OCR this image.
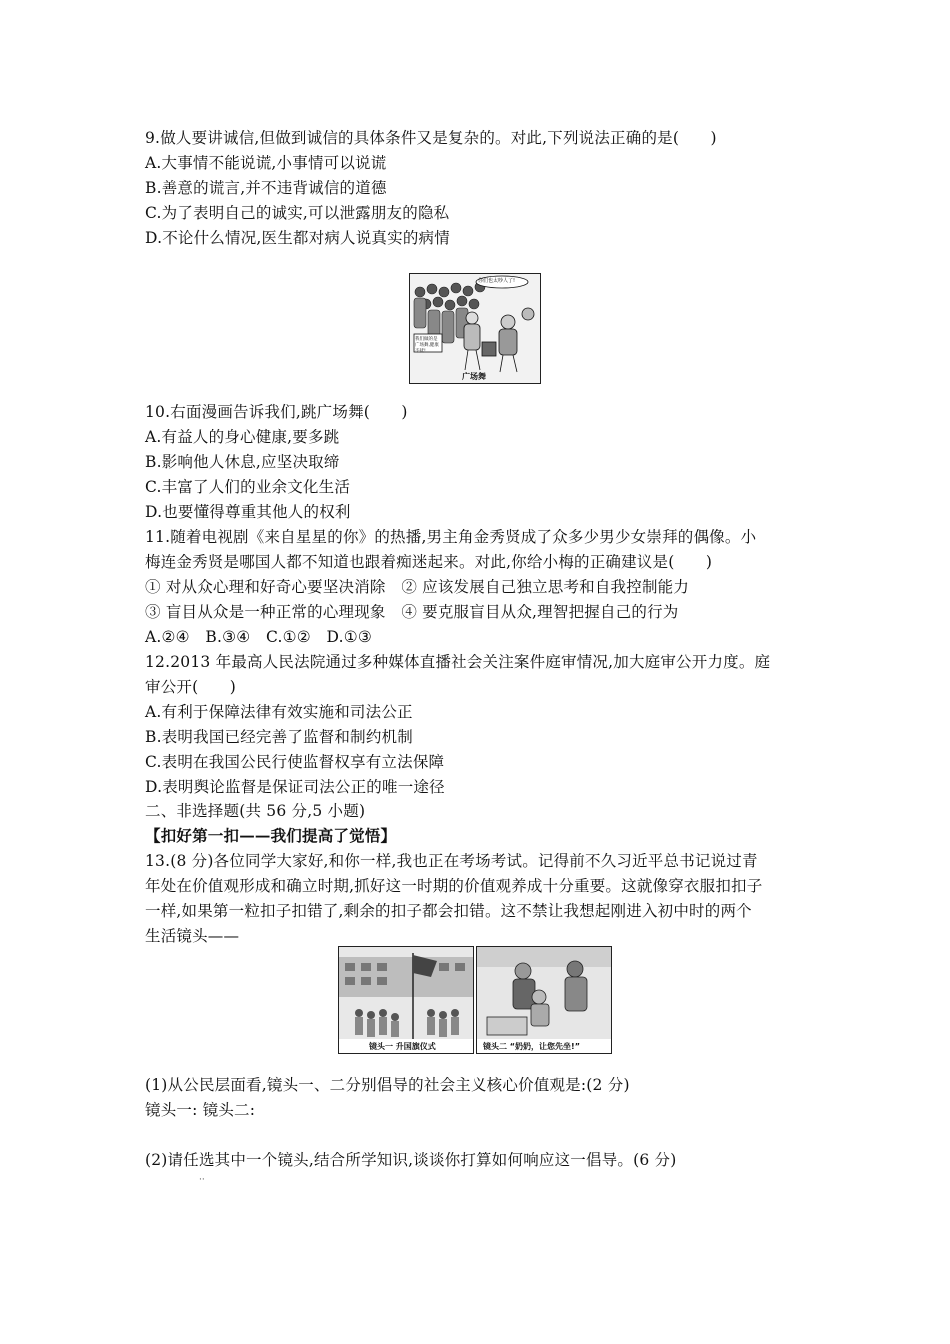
9.做人要讲诚信,但做到诚信的具体条件又是复杂的。对此,下列说法正确的是(　　)
A.大事情不能说谎,小事情可以说谎
B.善意的谎言,并不违背诚信的道德
C.为了表明自己的诚实,可以泄露朋友的隐私
D.不论什么情况,医生都对病人说真实的病情
你们也太吵人了!
我们做的是广场舞,健康不扰!
广场舞
10.右面漫画告诉我们,跳广场舞(　　)
A.有益人的身心健康,要多跳
B.影响他人休息,应坚决取缔
C.丰富了人们的业余文化生活
D.也要懂得尊重其他人的权利
11.随着电视剧《来自星星的你》的热播,男主角金秀贤成了众多少男少女崇拜的偶像。小
梅连金秀贤是哪国人都不知道也跟着痴迷起来。对此,你给小梅的正确建议是(　　)
① 对从众心理和好奇心要坚决消除　② 应该发展自己独立思考和自我控制能力
③ 盲目从众是一种正常的心理现象　④ 要克服盲目从众,理智把握自己的行为
A.②④　B.③④　C.①②　D.①③
12.2013 年最高人民法院通过多种媒体直播社会关注案件庭审情况,加大庭审公开力度。庭
审公开(　　)
A.有利于保障法律有效实施和司法公正
B.表明我国已经完善了监督和制约机制
C.表明在我国公民行使监督权享有立法保障
D.表明舆论监督是保证司法公正的唯一途径
二、非选择题(共 56 分,5 小题)
【扣好第一扣——我们提高了觉悟】
13.(8 分)各位同学大家好,和你一样,我也正在考场考试。记得前不久习近平总书记说过青
年处在价值观形成和确立时期,抓好这一时期的价值观养成十分重要。这就像穿衣服扣扣子
一样,如果第一粒扣子扣错了,剩余的扣子都会扣错。这不禁让我想起刚进入初中时的两个
生活镜头——
镜头一 升国旗仪式	镜头二 “奶奶，让您先坐!”
(1)从公民层面看,镜头一、二分别倡导的社会主义核心价值观是:(2 分)
镜头一: 镜头二:
(2)请任选其中一个镜头,结合所学知识,谈谈你打算如何响应这一倡导。(6 分)
··
